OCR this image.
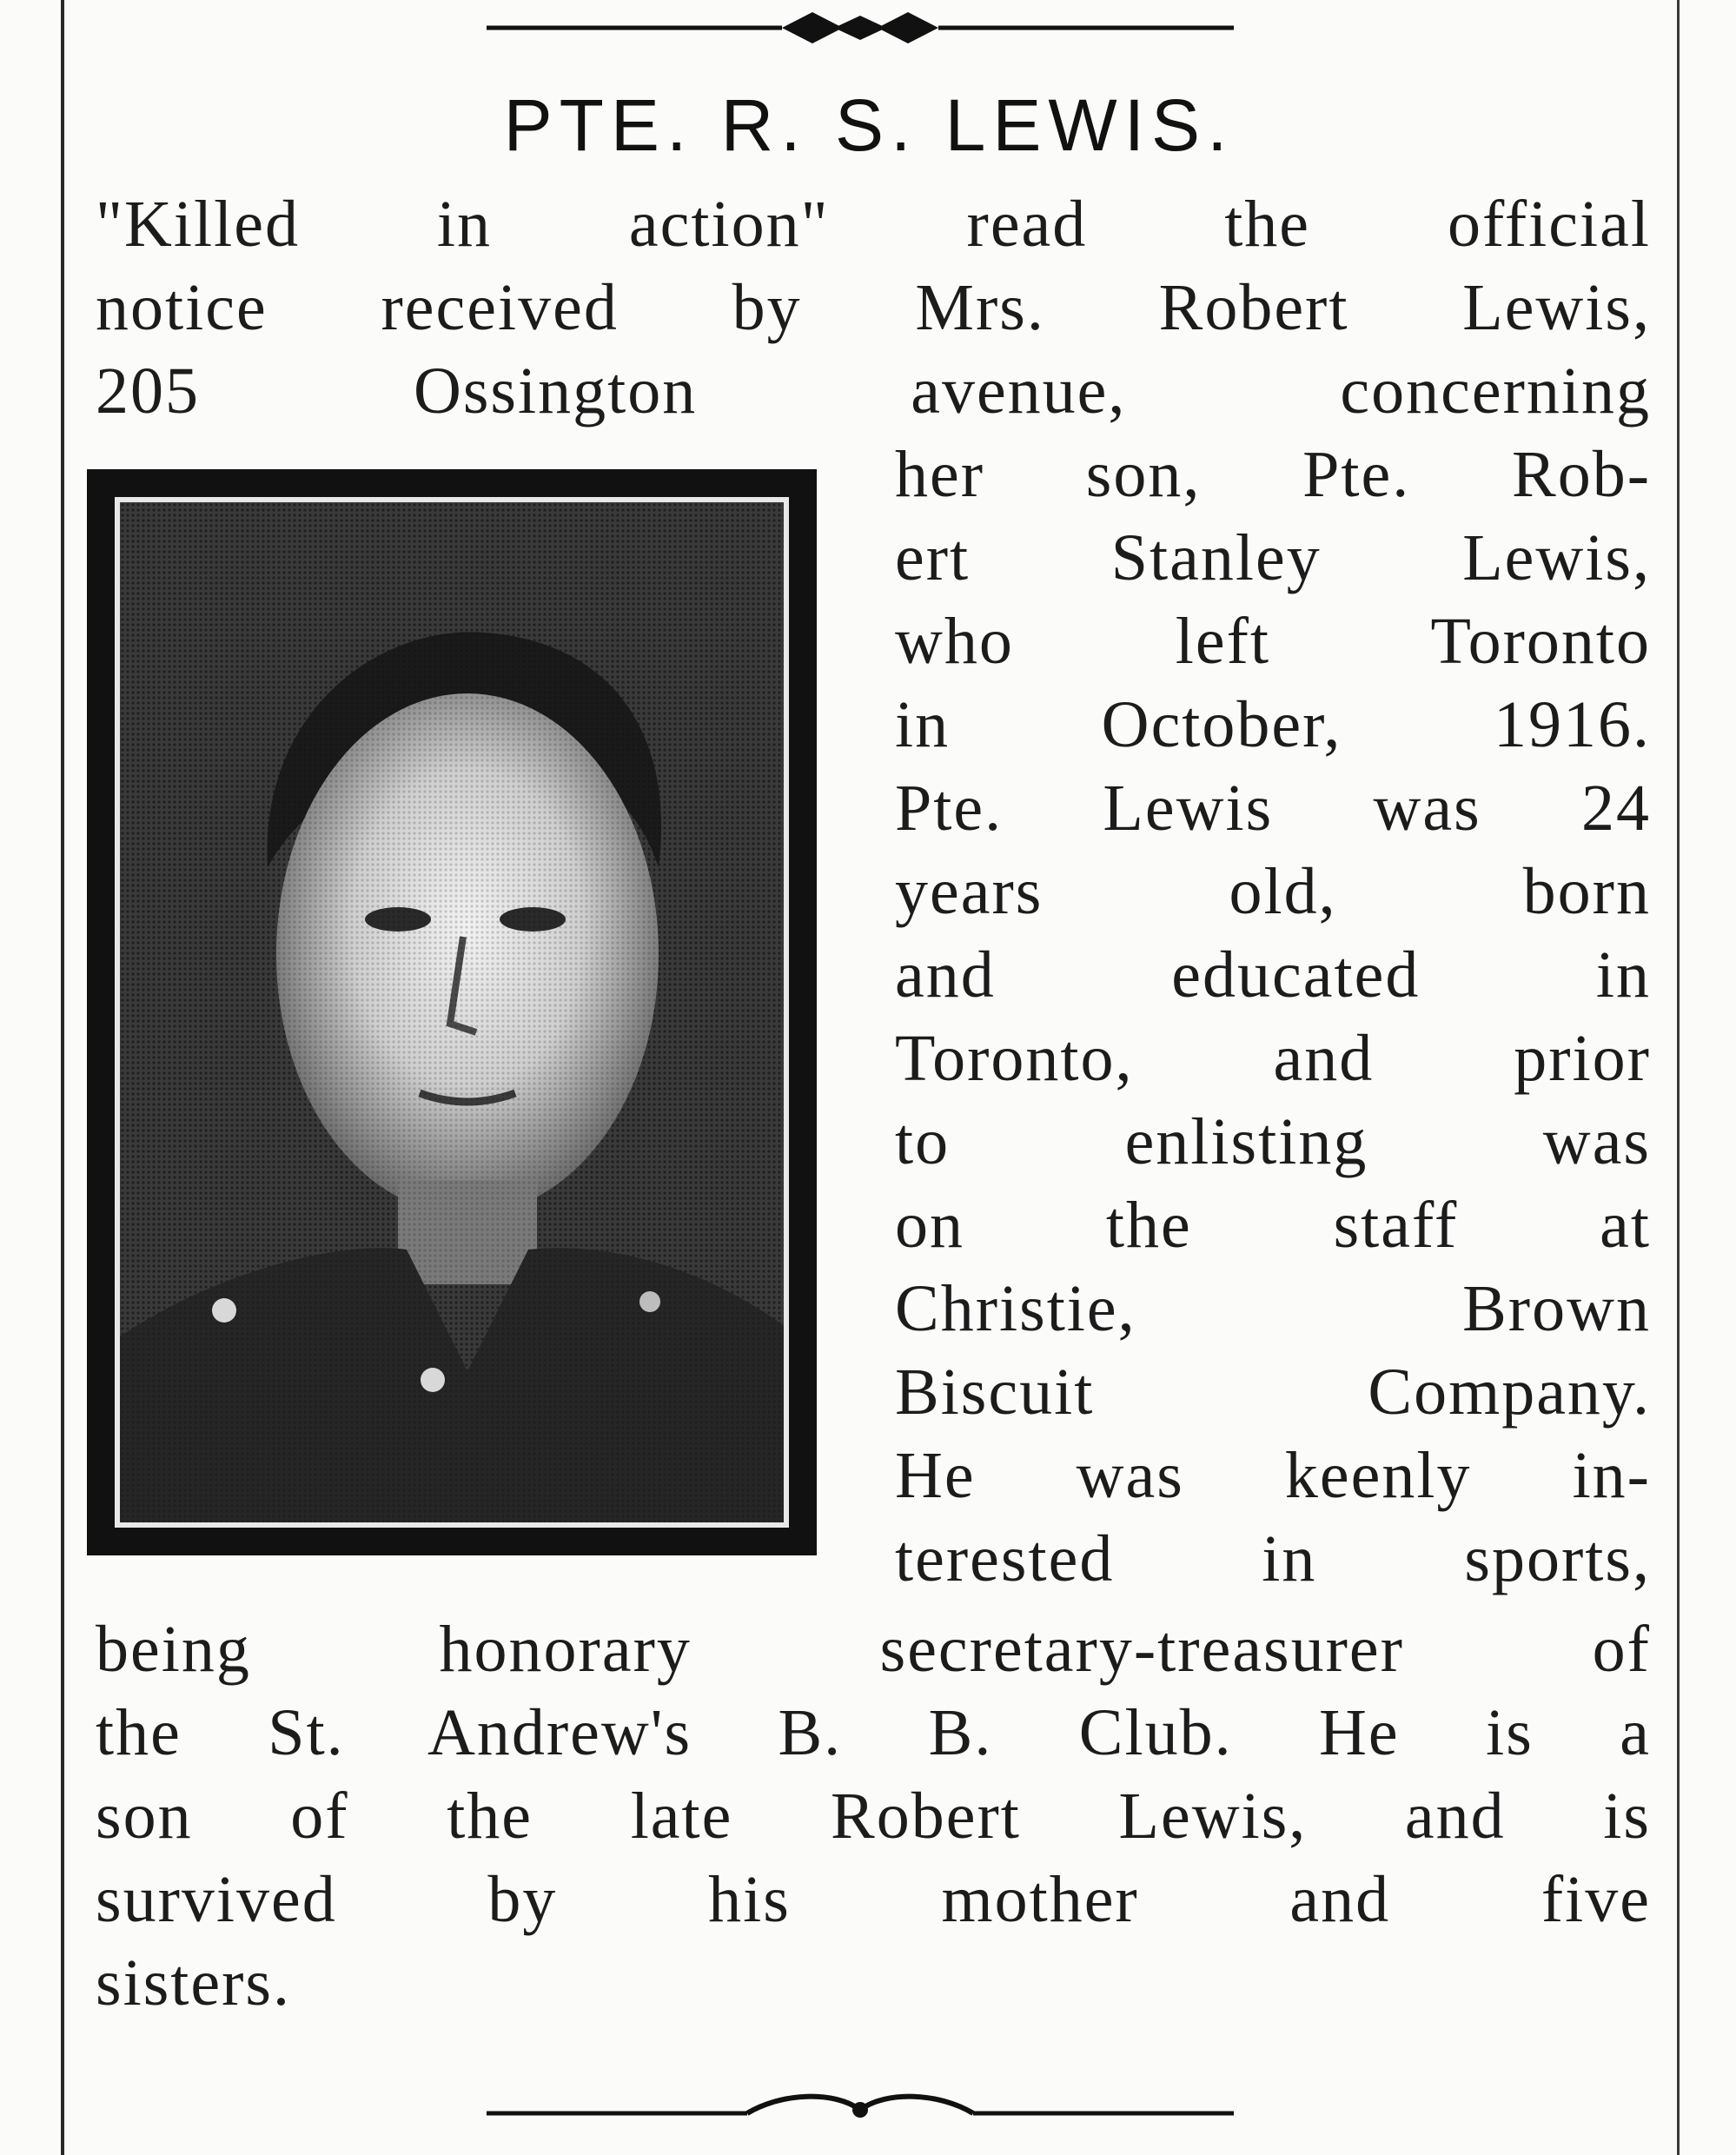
PTE. R. S. LEWIS.
"Killed in action" read the official
notice received by Mrs. Robert Lewis,
205 Ossington avenue, concerning
her son, Pte. Rob-
ert Stanley Lewis,
who left Toronto
in October, 1916.
Pte. Lewis was 24
years old, born
and educated in
Toronto, and prior
to enlisting was
on the staff at
Christie, Brown
Biscuit Company.
He was keenly in-
terested in sports,
being honorary secretary-treasurer of
the St. Andrew's B. B. Club. He is a
son of the late Robert Lewis, and is
survived by his mother and five
sisters.
